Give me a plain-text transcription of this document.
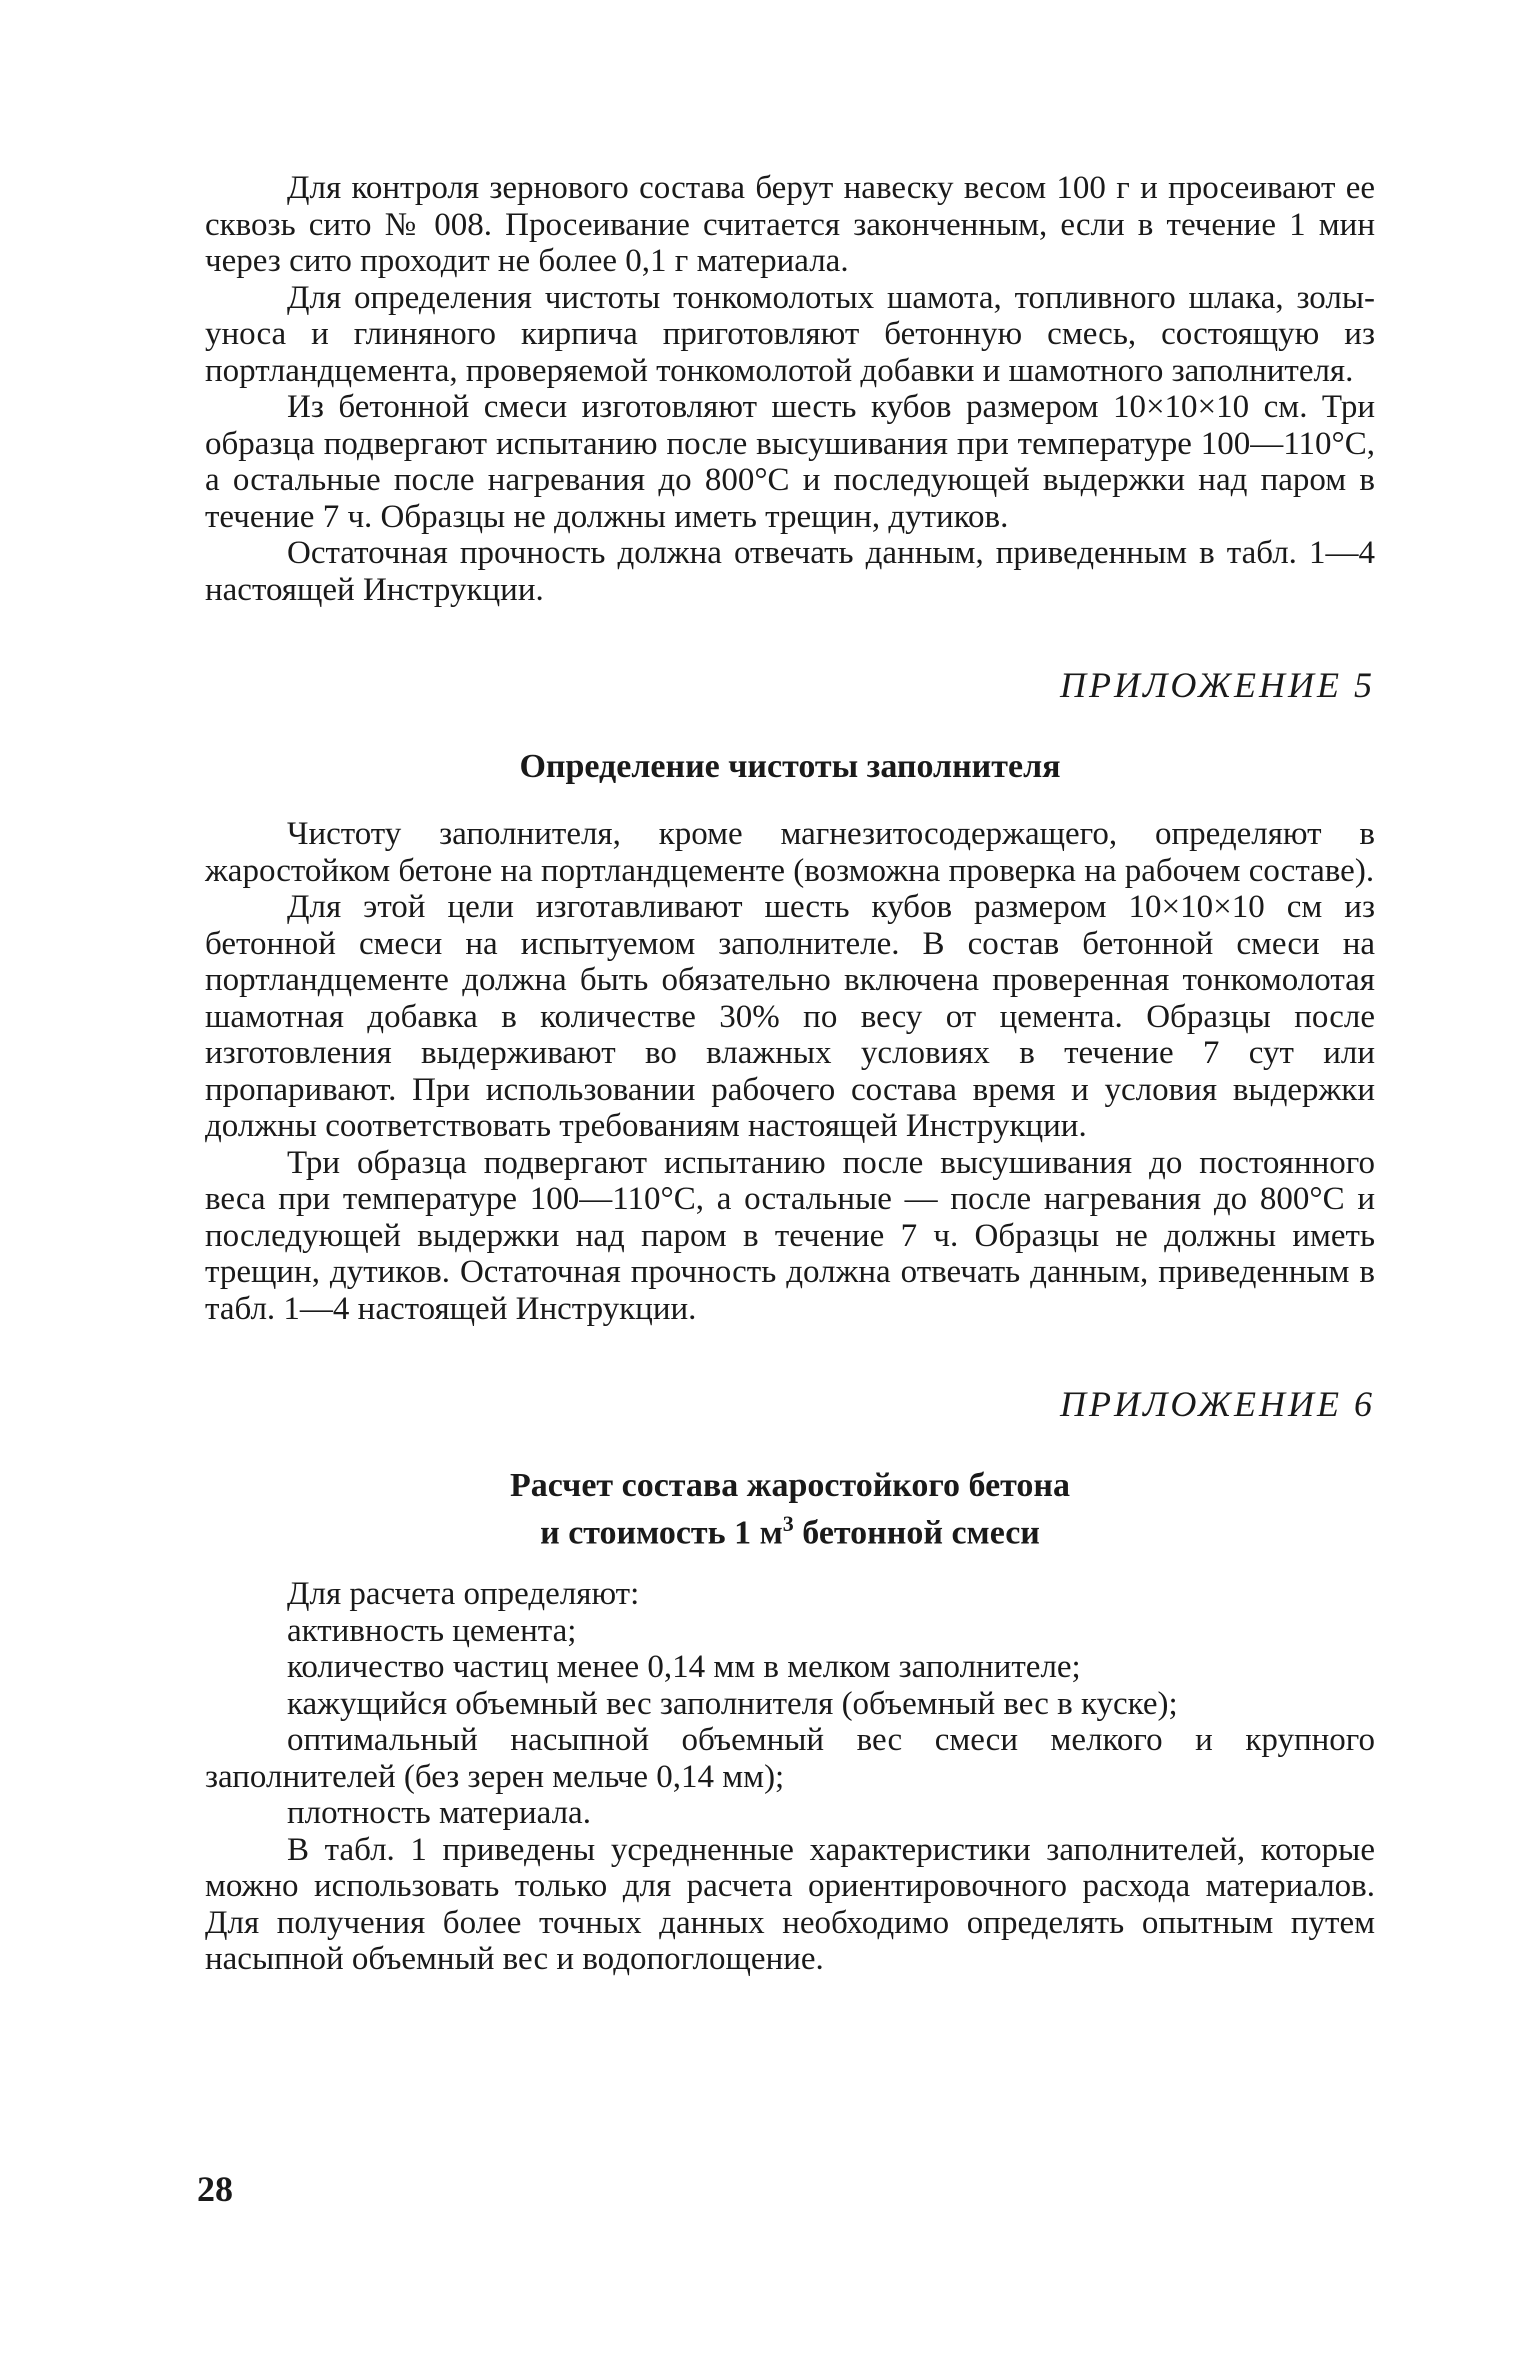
Для контроля зернового состава берут навеску весом 100 г и просеивают ее сквозь сито № 008. Просеивание считается законченным, если в течение 1 мин через сито проходит не более 0,1 г материала.

Для определения чистоты тонкомолотых шамота, топливного шлака, золы-уноса и глиняного кирпича приготовляют бетонную смесь, состоящую из портландцемента, проверяемой тонкомолотой добавки и шамотного заполнителя.

Из бетонной смеси изготовляют шесть кубов размером 10×10×10 см. Три образца подвергают испытанию после высушивания при температуре 100—110°С, а остальные после нагревания до 800°С и последующей выдержки над паром в течение 7 ч. Образцы не должны иметь трещин, дутиков.

Остаточная прочность должна отвечать данным, приведенным в табл. 1—4 настоящей Инструкции.

ПРИЛОЖЕНИЕ 5
Определение чистоты заполнителя

Чистоту заполнителя, кроме магнезитосодержащего, определяют в жаростойком бетоне на портландцементе (возможна проверка на рабочем составе).

Для этой цели изготавливают шесть кубов размером 10×10×10 см из бетонной смеси на испытуемом заполнителе. В состав бетонной смеси на портландцементе должна быть обязательно включена проверенная тонкомолотая шамотная добавка в количестве 30% по весу от цемента. Образцы после изготовления выдерживают во влажных условиях в течение 7 сут или пропаривают. При использовании рабочего состава время и условия выдержки должны соответствовать требованиям настоящей Инструкции.

Три образца подвергают испытанию после высушивания до постоянного веса при температуре 100—110°С, а остальные — после нагревания до 800°С и последующей выдержки над паром в течение 7 ч. Образцы не должны иметь трещин, дутиков. Остаточная прочность должна отвечать данным, приведенным в табл. 1—4 настоящей Инструкции.

ПРИЛОЖЕНИЕ 6
Расчет состава жаростойкого бетона
и стоимость 1 $м^3$ бетонной смеси

Для расчета определяют:

активность цемента;

количество частиц менее 0,14 мм в мелком заполнителе;

кажущийся объемный вес заполнителя (объемный вес в куске);

оптимальный насыпной объемный вес смеси мелкого и крупного заполнителей (без зерен мельче 0,14 мм);

плотность материала.

В табл. 1 приведены усредненные характеристики заполнителей, которые можно использовать только для расчета ориентировочного расхода материалов. Для получения более точных данных необходимо определять опытным путем насыпной объемный вес и водопоглощение.

28
